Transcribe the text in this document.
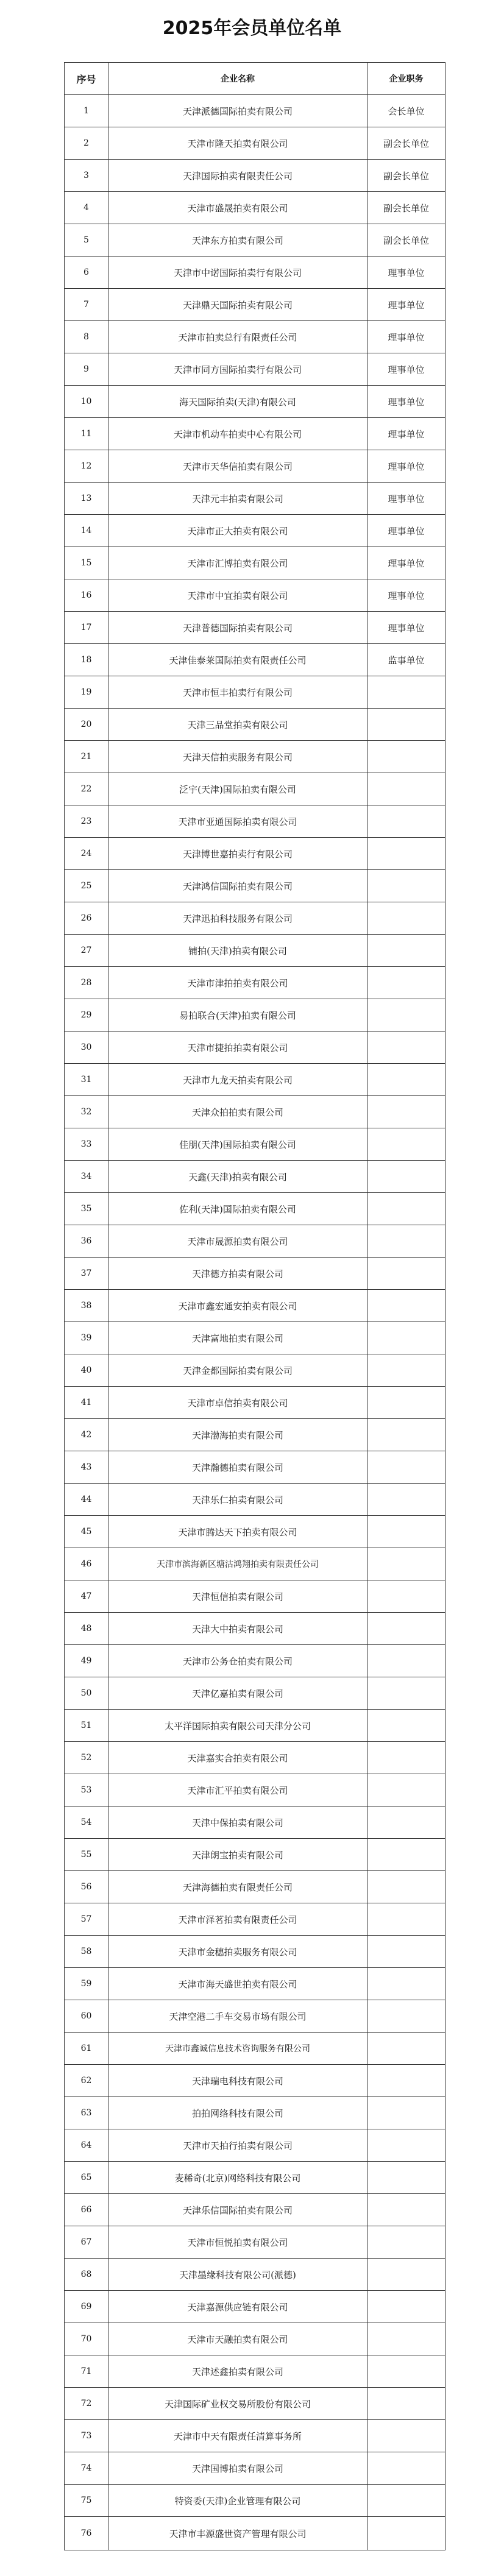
2025年会员单位名单
序号	企业名称	企业职务
1	天津派德国际拍卖有限公司	会长单位
2	天津市隆天拍卖有限公司	副会长单位
3	天津国际拍卖有限责任公司	副会长单位
4	天津市盛晟拍卖有限公司	副会长单位
5	天津东方拍卖有限公司	副会长单位
6	天津市中诺国际拍卖行有限公司	理事单位
7	天津鼎天国际拍卖有限公司	理事单位
8	天津市拍卖总行有限责任公司	理事单位
9	天津市同方国际拍卖行有限公司	理事单位
10	海天国际拍卖(天津)有限公司	理事单位
11	天津市机动车拍卖中心有限公司	理事单位
12	天津市天华信拍卖有限公司	理事单位
13	天津元丰拍卖有限公司	理事单位
14	天津市正大拍卖有限公司	理事单位
15	天津市汇博拍卖有限公司	理事单位
16	天津市中宜拍卖有限公司	理事单位
17	天津普德国际拍卖有限公司	理事单位
18	天津佳泰莱国际拍卖有限责任公司	监事单位
19	天津市恒丰拍卖行有限公司	
20	天津三品堂拍卖有限公司	
21	天津天信拍卖服务有限公司	
22	泛宇(天津)国际拍卖有限公司	
23	天津市亚通国际拍卖有限公司	
24	天津博世嘉拍卖行有限公司	
25	天津鸿信国际拍卖有限公司	
26	天津迅拍科技服务有限公司	
27	铺拍(天津)拍卖有限公司	
28	天津市津拍拍卖有限公司	
29	易拍联合(天津)拍卖有限公司	
30	天津市捷拍拍卖有限公司	
31	天津市九龙天拍卖有限公司	
32	天津众拍拍卖有限公司	
33	佳朋(天津)国际拍卖有限公司	
34	天鑫(天津)拍卖有限公司	
35	佐利(天津)国际拍卖有限公司	
36	天津市晟源拍卖有限公司	
37	天津德方拍卖有限公司	
38	天津市鑫宏通安拍卖有限公司	
39	天津富地拍卖有限公司	
40	天津金都国际拍卖有限公司	
41	天津市卓信拍卖有限公司	
42	天津渤海拍卖有限公司	
43	天津瀚德拍卖有限公司	
44	天津乐仁拍卖有限公司	
45	天津市腾达天下拍卖有限公司	
46	天津市滨海新区塘沽鸿翔拍卖有限责任公司	
47	天津恒信拍卖有限公司	
48	天津大中拍卖有限公司	
49	天津市公务仓拍卖有限公司	
50	天津亿嘉拍卖有限公司	
51	太平洋国际拍卖有限公司天津分公司	
52	天津嘉实合拍卖有限公司	
53	天津市汇平拍卖有限公司	
54	天津中保拍卖有限公司	
55	天津朗宝拍卖有限公司	
56	天津海德拍卖有限责任公司	
57	天津市泽茗拍卖有限责任公司	
58	天津市金穗拍卖服务有限公司	
59	天津市海天盛世拍卖有限公司	
60	天津空港二手车交易市场有限公司	
61	天津市鑫诚信息技术咨询服务有限公司	
62	天津瑞电科技有限公司	
63	拍拍网络科技有限公司	
64	天津市天拍行拍卖有限公司	
65	麦稀奇(北京)网络科技有限公司	
66	天津乐信国际拍卖有限公司	
67	天津市恒悦拍卖有限公司	
68	天津墨缘科技有限公司(派德)	
69	天津嘉源供应链有限公司	
70	天津市天融拍卖有限公司	
71	天津述鑫拍卖有限公司	
72	天津国际矿业权交易所股份有限公司	
73	天津市中天有限责任清算事务所	
74	天津国博拍卖有限公司	
75	特资委(天津)企业管理有限公司	
76	天津市丰源盛世资产管理有限公司	
